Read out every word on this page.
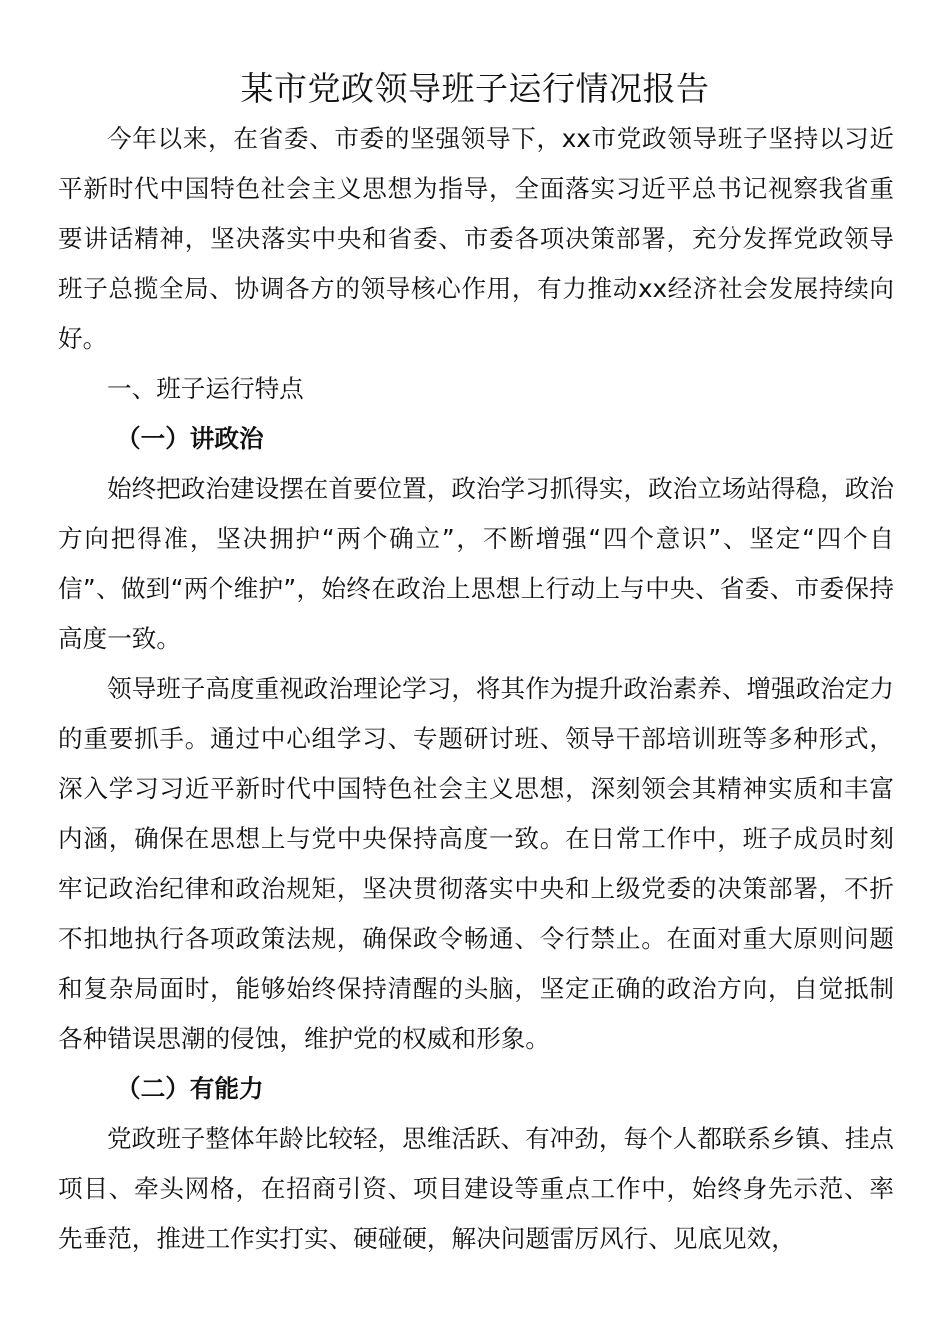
某市党政领导班子运行情况报告

今年以来，在省委、市委的坚强领导下，xx市党政领导班子坚持以习近平新时代中国特色社会主义思想为指导，全面落实习近平总书记视察我省重要讲话精神，坚决落实中央和省委、市委各项决策部署，充分发挥党政领导班子总揽全局、协调各方的领导核心作用，有力推动xx经济社会发展持续向好。

一、班子运行特点

（一）讲政治

始终把政治建设摆在首要位置，政治学习抓得实，政治立场站得稳，政治方向把得准，坚决拥护“两个确立”，不断增强“四个意识”、坚定“四个自信”、做到“两个维护”，始终在政治上思想上行动上与中央、省委、市委保持高度一致。

领导班子高度重视政治理论学习，将其作为提升政治素养、增强政治定力的重要抓手。通过中心组学习、专题研讨班、领导干部培训班等多种形式，深入学习习近平新时代中国特色社会主义思想，深刻领会其精神实质和丰富内涵，确保在思想上与党中央保持高度一致。在日常工作中，班子成员时刻牢记政治纪律和政治规矩，坚决贯彻落实中央和上级党委的决策部署，不折不扣地执行各项政策法规，确保政令畅通、令行禁止。在面对重大原则问题和复杂局面时，能够始终保持清醒的头脑，坚定正确的政治方向，自觉抵制各种错误思潮的侵蚀，维护党的权威和形象。

（二）有能力

党政班子整体年龄比较轻，思维活跃、有冲劲，每个人都联系乡镇、挂点项目、牵头网格，在招商引资、项目建设等重点工作中，始终身先示范、率先垂范，推进工作实打实、硬碰硬，解决问题雷厉风行、见底见效，
